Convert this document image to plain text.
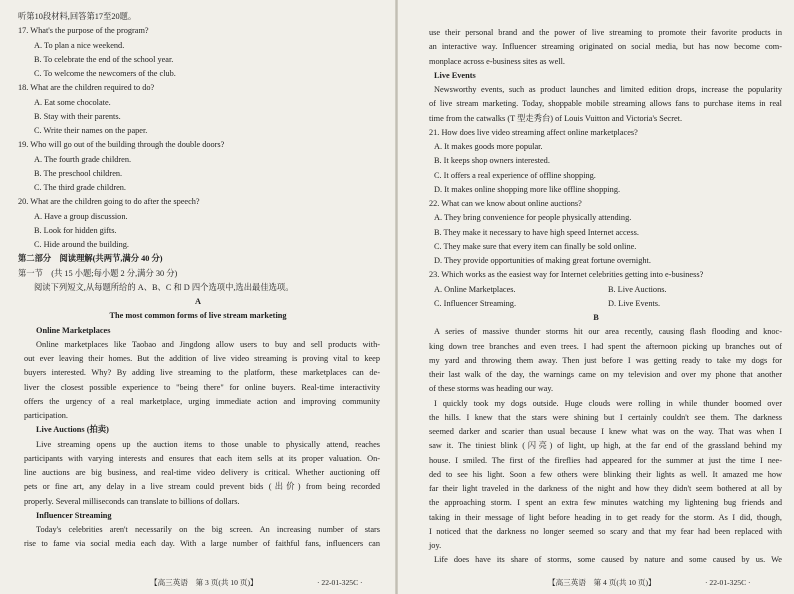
听第10段材料,回答第17至20题。
17. What's the purpose of the program?
A. To plan a nice weekend.
B. To celebrate the end of the school year.
C. To welcome the newcomers of the club.
18. What are the children required to do?
A. Eat some chocolate.
B. Stay with their parents.
C. Write their names on the paper.
19. Who will go out of the building through the double doors?
A. The fourth grade children.
B. The preschool children.
C. The third grade children.
20. What are the children going to do after the speech?
A. Have a group discussion.
B. Look for hidden gifts.
C. Hide around the building.
第二部分　阅读理解(共两节,满分 40 分)
第一节　(共 15 小题;每小题 2 分,满分 30 分)
阅读下列短文,从每题所给的 A、B、C 和 D 四个选项中,选出最佳选项。
A
The most common forms of live stream marketing
Online Marketplaces
Online marketplaces like Taobao and Jingdong allow users to buy and sell products with-
out ever leaving their homes. But the addition of live video streaming is proving vital to keep
buyers interested. Why? By adding live streaming to the platform, these marketplaces can de-
liver the closest possible experience to "being there" for online buyers. Real-time interactivity
offers the urgency of a real marketplace, urging immediate action and improving community
participation.
Live Auctions (拍卖)
Live streaming opens up the auction items to those unable to physically attend, reaches
participants with varying interests and ensures that each item sells at its proper valuation. On-
line auctions are big business, and real-time video delivery is critical. Whether auctioning off
pets or fine art, any delay in a live stream could prevent bids (出价) from being recorded
properly. Several milliseconds can translate to billions of dollars.
Influencer Streaming
Today's celebrities aren't necessarily on the big screen. An increasing number of stars
rise to fame via social media each day. With a large number of faithful fans, influencers can
use their personal brand and the power of live streaming to promote their favorite products in
an interactive way. Influencer streaming originated on social media, but has now become com-
monplace across e-business sites as well.
Live Events
Newsworthy events, such as product launches and limited edition drops, increase the popularity
of live stream marketing. Today, shoppable mobile streaming allows fans to purchase items in real
time from the catwalks (T 型走秀台) of Louis Vuitton and Victoria's Secret.
21. How does live video streaming affect online marketplaces?
A. It makes goods more popular.
B. It keeps shop owners interested.
C. It offers a real experience of offline shopping.
D. It makes online shopping more like offline shopping.
22. What can we know about online auctions?
A. They bring convenience for people physically attending.
B. They make it necessary to have high speed Internet access.
C. They make sure that every item can finally be sold online.
D. They provide opportunities of making great fortune overnight.
23. Which works as the easiest way for Internet celebrities getting into e-business?
A. Online Marketplaces.	B. Live Auctions.
C. Influencer Streaming.	D. Live Events.
B
A series of massive thunder storms hit our area recently, causing flash flooding and knoc-
king down tree branches and even trees. I had spent the afternoon picking up branches out of
my yard and throwing them away. Then just before I was getting ready to take my dogs for
their last walk of the day, the warnings came on my television and over my phone that another
of these storms was heading our way.
I quickly took my dogs outside. Huge clouds were rolling in while thunder boomed over
the hills. I knew that the stars were shining but I certainly couldn't see them. The darkness
seemed darker and scarier than usual because I knew what was on the way. That was when I
saw it. The tiniest blink (闪亮) of light, up high, at the far end of the grassland behind my
house. I smiled. The first of the fireflies had appeared for the summer at just the time I nee-
ded to see his light. Soon a few others were blinking their lights as well. It amazed me how
far their light traveled in the darkness of the night and how they didn't seem bothered at all by
the approaching storm. I spent an extra few minutes watching my lightening bug friends and
taking in their message of light before heading in to get ready for the storm. As I did, though,
I noticed that the darkness no longer seemed so scary and that my fear had been replaced with
joy.
Life does have its share of storms, some caused by nature and some caused by us. We
【高三英语　第 3 页(共 10 页)】	· 22-01-325C ·	【高三英语　第 4 页(共 10 页)】	· 22-01-325C ·
